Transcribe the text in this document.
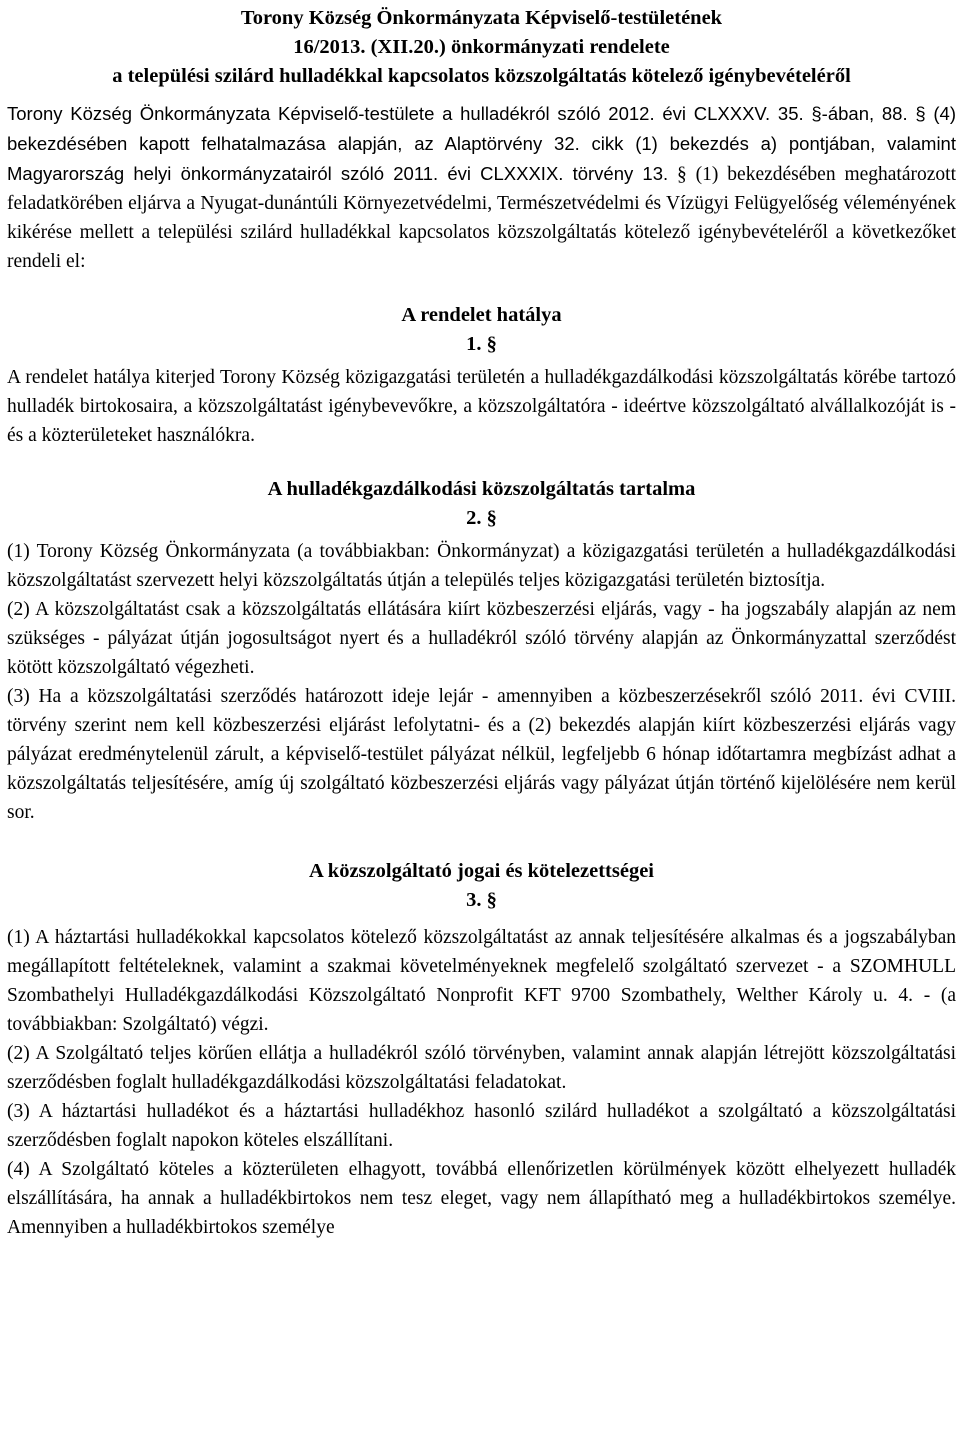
Torony Község Önkormányzata Képviselő-testületének
16/2013. (XII.20.) önkormányzati rendelete
a települési szilárd hulladékkal kapcsolatos közszolgáltatás kötelező igénybevételéről

Torony Község Önkormányzata Képviselő-testülete a hulladékról szóló 2012. évi CLXXXV. 35. §-ában, 88. § (4) bekezdésében kapott felhatalmazása alapján, az Alaptörvény 32. cikk (1) bekezdés a) pontjában, valamint Magyarország helyi önkormányzatairól szóló 2011. évi CLXXXIX. törvény 13. § (1) bekezdésében meghatározott feladatkörében eljárva a Nyugat-dunántúli Környezetvédelmi, Természetvédelmi és Vízügyi Felügyelőség véleményének kikérése mellett a települési szilárd hulladékkal kapcsolatos közszolgáltatás kötelező igénybevételéről a következőket rendeli el:

A rendelet hatálya
1. §

A rendelet hatálya kiterjed Torony Község közigazgatási területén a hulladékgazdálkodási közszolgáltatás körébe tartozó hulladék birtokosaira, a közszolgáltatást igénybevevőkre, a közszolgáltatóra - ideértve közszolgáltató alvállalkozóját is - és a közterületeket használókra.

A hulladékgazdálkodási közszolgáltatás tartalma
2. §

(1) Torony Község Önkormányzata (a továbbiakban: Önkormányzat) a közigazgatási területén a hulladékgazdálkodási közszolgáltatást szervezett helyi közszolgáltatás útján a település teljes közigazgatási területén biztosítja.

(2) A közszolgáltatást csak a közszolgáltatás ellátására kiírt közbeszerzési eljárás, vagy - ha jogszabály alapján az nem szükséges - pályázat útján jogosultságot nyert és a hulladékról szóló törvény alapján az Önkormányzattal szerződést kötött közszolgáltató végezheti.

(3) Ha a közszolgáltatási szerződés határozott ideje lejár - amennyiben a közbeszerzésekről szóló 2011. évi CVIII. törvény szerint nem kell közbeszerzési eljárást lefolytatni- és a (2) bekezdés alapján kiírt közbeszerzési eljárás vagy pályázat eredménytelenül zárult, a képviselő-testület pályázat nélkül, legfeljebb 6 hónap időtartamra megbízást adhat a közszolgáltatás teljesítésére, amíg új szolgáltató közbeszerzési eljárás vagy pályázat útján történő kijelölésére nem kerül sor.

A közszolgáltató jogai és kötelezettségei
3. §

(1) A háztartási hulladékokkal kapcsolatos kötelező közszolgáltatást az annak teljesítésére alkalmas és a jogszabályban megállapított feltételeknek, valamint a szakmai követelményeknek megfelelő szolgáltató szervezet - a SZOMHULL Szombathelyi Hulladékgazdálkodási Közszolgáltató Nonprofit KFT 9700 Szombathely, Welther Károly u. 4. - (a továbbiakban: Szolgáltató) végzi.

(2) A Szolgáltató teljes körűen ellátja a hulladékról szóló törvényben, valamint annak alapján létrejött közszolgáltatási szerződésben foglalt hulladékgazdálkodási közszolgáltatási feladatokat.

(3) A háztartási hulladékot és a háztartási hulladékhoz hasonló szilárd hulladékot a szolgáltató a közszolgáltatási szerződésben foglalt napokon köteles elszállítani.

(4) A Szolgáltató köteles a közterületen elhagyott, továbbá ellenőrizetlen körülmények között elhelyezett hulladék elszállítására, ha annak a hulladékbirtokos nem tesz eleget, vagy nem állapítható meg a hulladékbirtokos személye. Amennyiben a hulladékbirtokos személye
